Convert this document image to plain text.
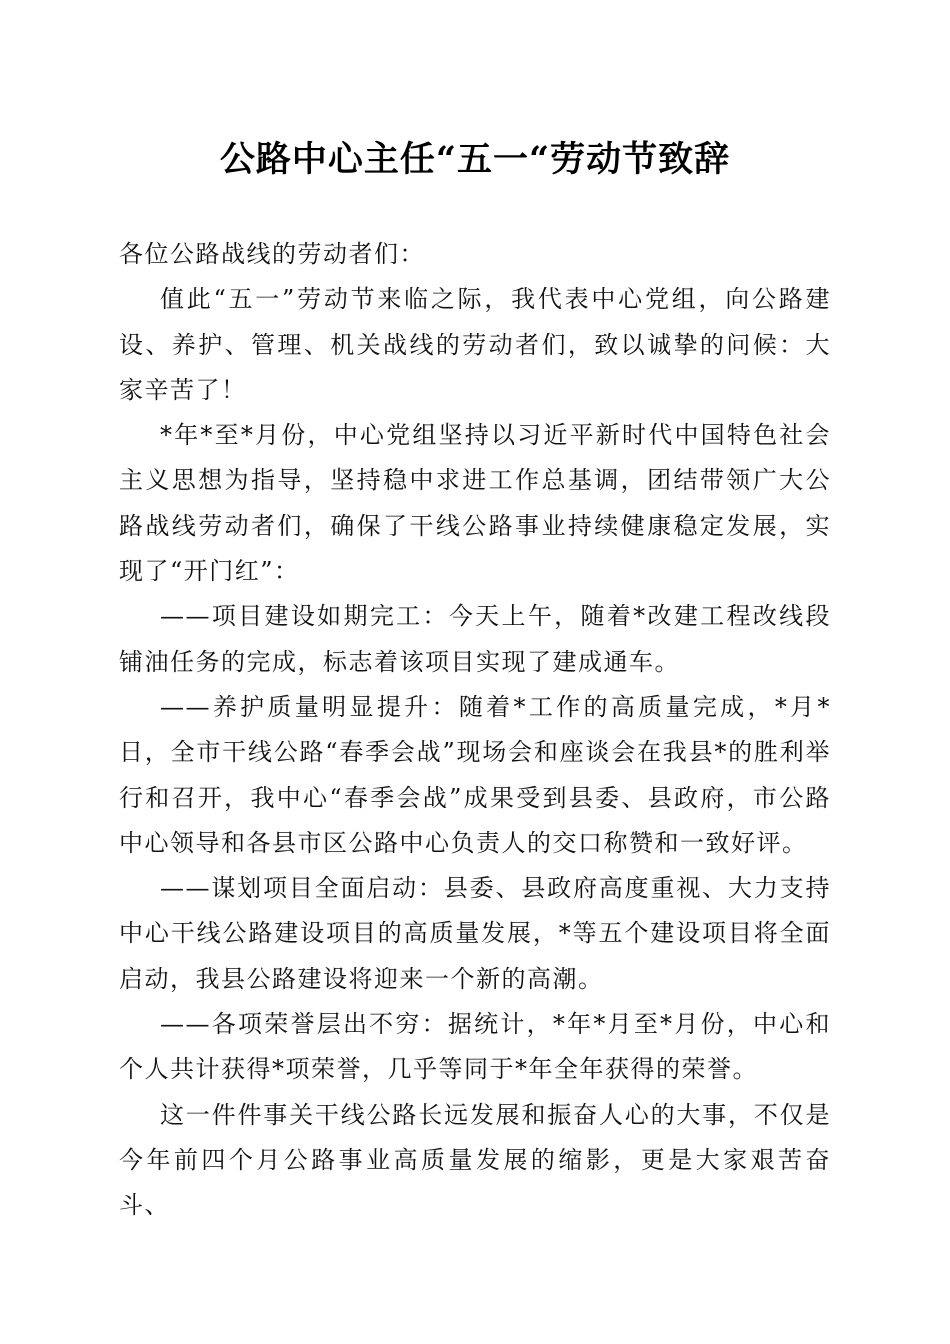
公路中心主任“五一“劳动节致辞

各位公路战线的劳动者们：

值此“五一”劳动节来临之际，我代表中心党组，向公路建设、养护、管理、机关战线的劳动者们，致以诚挚的问候：大家辛苦了！

*年*至*月份，中心党组坚持以习近平新时代中国特色社会主义思想为指导，坚持稳中求进工作总基调，团结带领广大公路战线劳动者们，确保了干线公路事业持续健康稳定发展，实现了“开门红”：

——项目建设如期完工：今天上午，随着*改建工程改线段铺油任务的完成，标志着该项目实现了建成通车。

——养护质量明显提升：随着*工作的高质量完成，*月*日，全市干线公路“春季会战”现场会和座谈会在我县*的胜利举行和召开，我中心“春季会战”成果受到县委、县政府，市公路中心领导和各县市区公路中心负责人的交口称赞和一致好评。

——谋划项目全面启动：县委、县政府高度重视、大力支持中心干线公路建设项目的高质量发展，*等五个建设项目将全面启动，我县公路建设将迎来一个新的高潮。

——各项荣誉层出不穷：据统计，*年*月至*月份，中心和个人共计获得*项荣誉，几乎等同于*年全年获得的荣誉。

这一件件事关干线公路长远发展和振奋人心的大事，不仅是今年前四个月公路事业高质量发展的缩影，更是大家艰苦奋斗、
